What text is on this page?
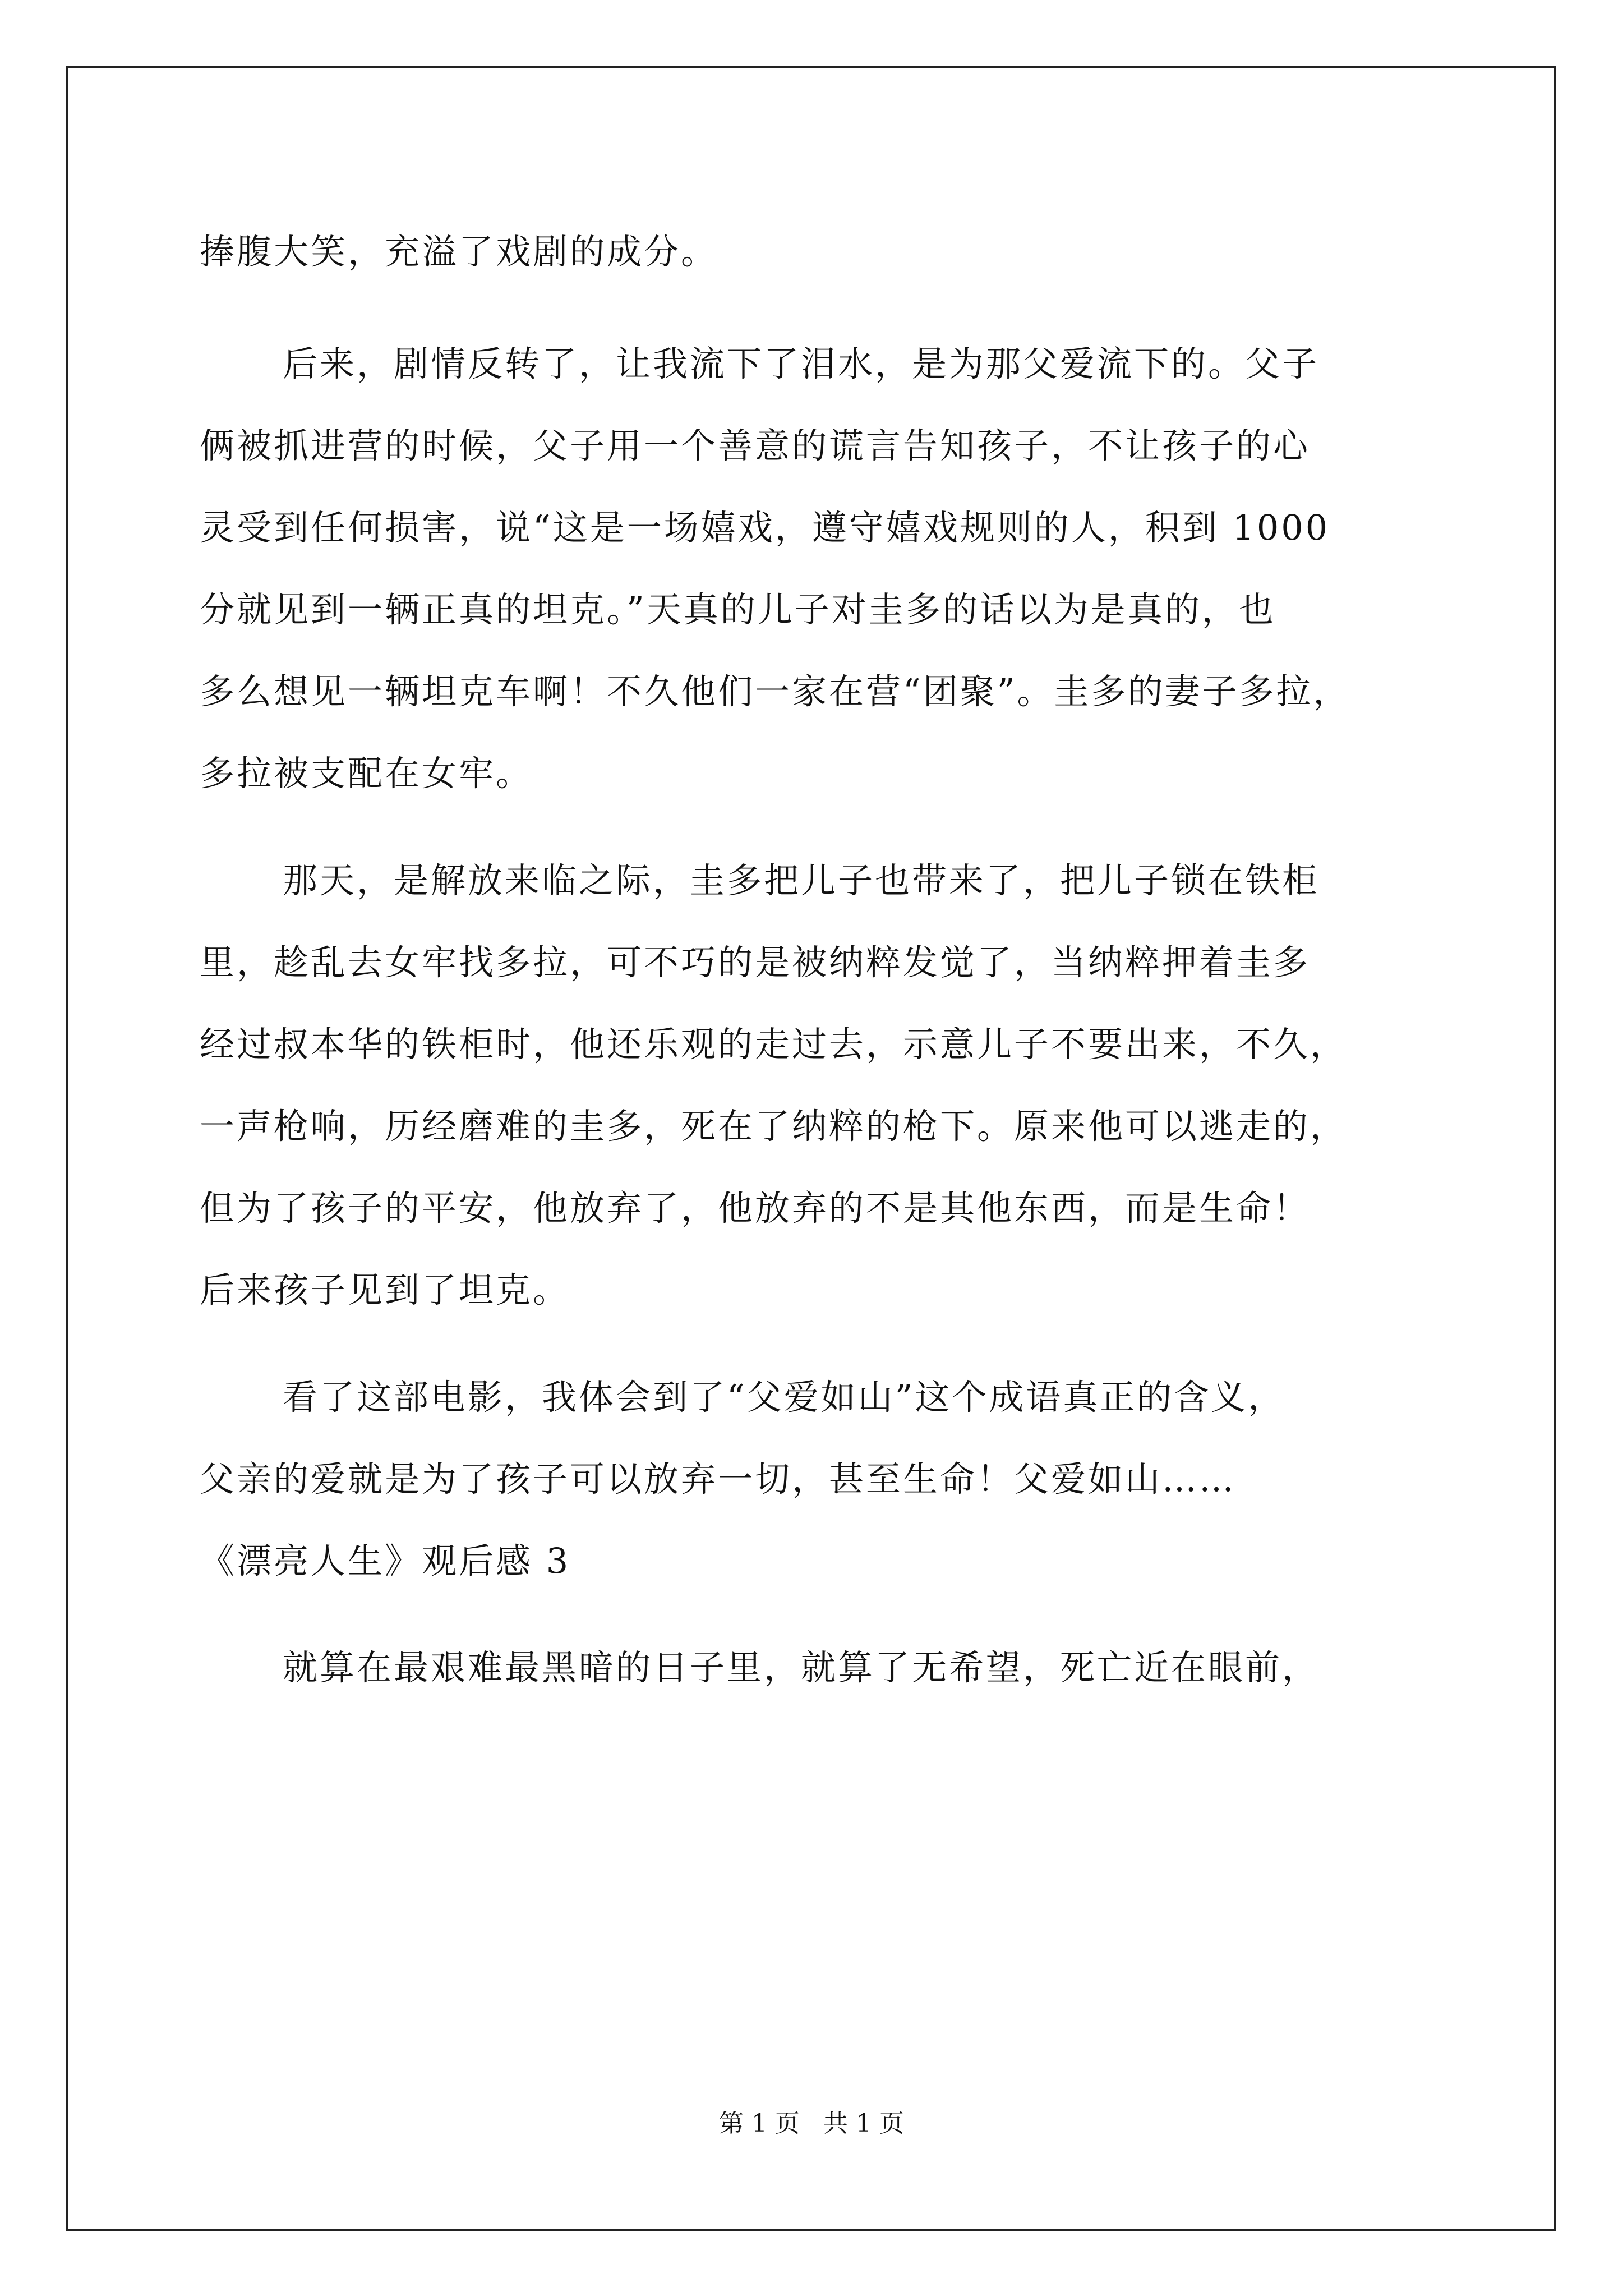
捧腹大笑，充溢了戏剧的成分。
后来，剧情反转了，让我流下了泪水，是为那父爱流下的。父子
俩被抓进营的时候，父子用一个善意的谎言告知孩子，不让孩子的心
灵受到任何损害，说“这是一场嬉戏，遵守嬉戏规则的人，积到 1000
分就见到一辆正真的坦克。”天真的儿子对圭多的话以为是真的，也
多么想见一辆坦克车啊！不久他们一家在营“团聚”。圭多的妻子多拉，
多拉被支配在女牢。
那天，是解放来临之际，圭多把儿子也带来了，把儿子锁在铁柜
里，趁乱去女牢找多拉，可不巧的是被纳粹发觉了，当纳粹押着圭多
经过叔本华的铁柜时，他还乐观的走过去，示意儿子不要出来，不久，
一声枪响，历经磨难的圭多，死在了纳粹的枪下。原来他可以逃走的，
但为了孩子的平安，他放弃了，他放弃的不是其他东西，而是生命！
后来孩子见到了坦克。
看了这部电影，我体会到了“父爱如山”这个成语真正的含义，
父亲的爱就是为了孩子可以放弃一切，甚至生命！父爱如山……
《漂亮人生》观后感 3
就算在最艰难最黑暗的日子里，就算了无希望，死亡近在眼前，
第 1 页   共 1 页
